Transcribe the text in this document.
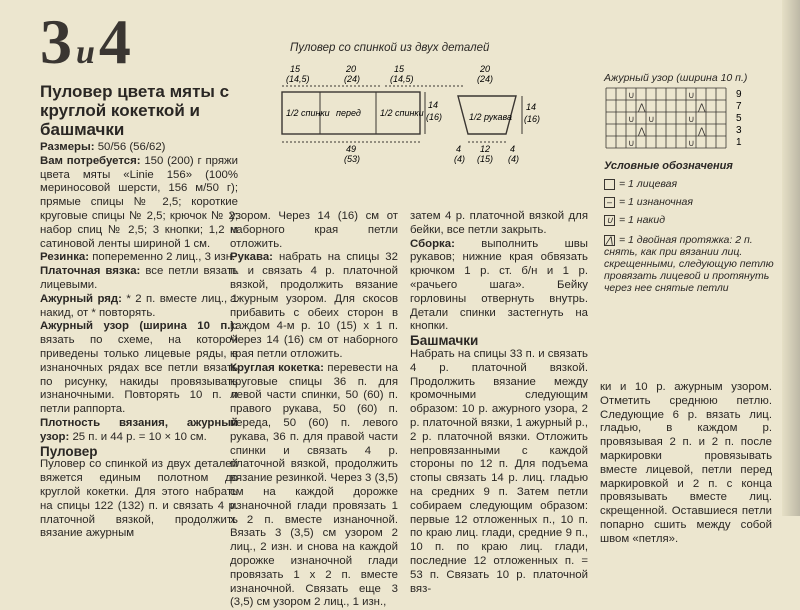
3 и4
Пуловер цвета мяты с круглой кокеткой и башмачки

Размеры: 50/56 (56/62)

Вам потребуется: 150 (200) г пряжи цвета мяты «Linie 156» (100% мериносовой шерсти, 156 м/50 г); прямые спицы № 2,5; короткие круговые спицы № 2,5; крючок № 2; набор спиц № 2,5; 3 кнопки; 1,2 м сатиновой ленты шириной 1 см.

Резинка: попеременно 2 лиц., 3 изн.

Платочная вязка: все петли вязать лицевыми.

Ажурный ряд: * 2 п. вместе лиц., 1 накид, от * повторять.

Ажурный узор (ширина 10 п.): вязать по схеме, на которой приведены только лицевые ряды, в изнаночных рядах все петли вязать по рисунку, накиды провязывать изнаночными. Повторять 10 п. и петли раппорта.

Плотность вязания, ажурный узор: 25 п. и 44 р. = 10 × 10 см.

Пуловер

Пуловер со спинкой из двух деталей вяжется единым полотном до круглой кокетки. Для этого набрать на спицы 122 (132) п. и связать 4 р. платочной вязкой, продолжить вязание ажурным

Пуловер со спинкой из двух деталей
15
(14,5)
20
(24)
15
(14,5)
1/2 спинки перед 1/2 спинки
14
(16)
49
(53)
20
(24)
1/2 рукава
14
(16)
12
(15)
4
(4)
4
(4)
Ажурный узор (ширина 10 п.)
∪	∪
⋀	⋀
∪ ∪	∪
⋀	⋀
∪	∪
9
7
5
3
1
Условные обозначения
= 1 лицевая
– = 1 изнаночная
∪ = 1 накид
⋀ = 1 двойная протяжка: 2 п. снять, как при вязании лиц. скрещенными, следующую петлю провязать лицевой и протянуть через нее снятые петли

узором. Через 14 (16) см от наборного края петли отложить.

Рукава: набрать на спицы 32 п. и связать 4 р. платочной вязкой, продолжить вязание ажурным узором. Для скосов прибавить с обеих сторон в каждом 4-м р. 10 (15) х 1 п. Через 14 (16) см от наборного края петли отложить.

Круглая кокетка: перевести на круговые спицы 36 п. для левой части спинки, 50 (60) п. правого рукава, 50 (60) п. переда, 50 (60) п. левого рукава, 36 п. для правой части спинки и связать 4 р. платочной вязкой, продолжить вязание резинкой. Через 3 (3,5) см на каждой дорожке изнаночной глади провязать 1 х 2 п. вместе изнаночной. Вязать 3 (3,5) см узором 2 лиц., 2 изн. и снова на каждой дорожке изнаночной глади провязать 1 х 2 п. вместе изнаночной. Связать еще 3 (3,5) см узором 2 лиц., 1 изн.,

затем 4 р. платочной вязкой для бейки, все петли закрыть.

Сборка: выполнить швы рукавов; нижние края обвязать крючком 1 р. ст. б/н и 1 р. «рачьего шага». Бейку горловины отвернуть внутрь. Детали спинки застегнуть на кнопки.

Башмачки

Набрать на спицы 33 п. и связать 4 р. платочной вязкой. Продолжить вязание между кромочными следующим образом: 10 р. ажурного узора, 2 р. платочной вязки, 1 ажурный р., 2 р. платочной вязки. Отложить непровязанными с каждой стороны по 12 п. Для подъема стопы связать 14 р. лиц. гладью на средних 9 п. Затем петли собираем следующим образом: первые 12 отложенных п., 10 п. по краю лиц. глади, средние 9 п., 10 п. по краю лиц. глади, последние 12 отложенных п. = 53 п. Связать 10 р. платочной вяз-

ки и 10 р. ажурным узором. Отметить среднюю петлю. Следующие 6 р. вязать лиц. гладью, в каждом р. провязывая 2 п. и 2 п. после маркировки провязывать вместе лицевой, петли перед маркировкой и 2 п. с конца провязывать вместе лиц. скрещенной. Оставшиеся петли попарно сшить между собой швом «петля».
